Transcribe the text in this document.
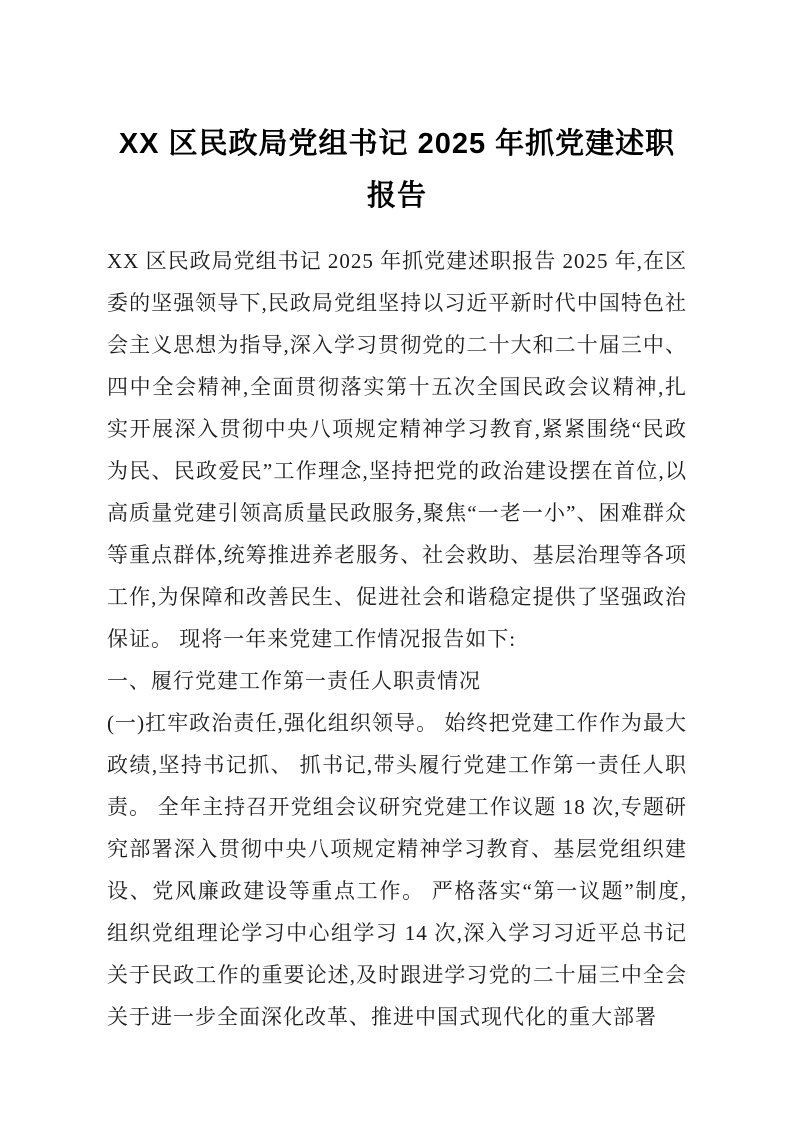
XX 区民政局党组书记 2025 年抓党建述职报告

XX 区民政局党组书记 2025 年抓党建述职报告 2025 年,在区委的坚强领导下,民政局党组坚持以习近平新时代中国特色社会主义思想为指导,深入学习贯彻党的二十大和二十届三中、四中全会精神,全面贯彻落实第十五次全国民政会议精神,扎实开展深入贯彻中央八项规定精神学习教育,紧紧围绕“民政为民、民政爱民”工作理念,坚持把党的政治建设摆在首位,以高质量党建引领高质量民政服务,聚焦“一老一小”、困难群众等重点群体,统筹推进养老服务、社会救助、基层治理等各项工作,为保障和改善民生、促进社会和谐稳定提供了坚强政治保证。 现将一年来党建工作情况报告如下:

一、履行党建工作第一责任人职责情况

(一)扛牢政治责任,强化组织领导。 始终把党建工作作为最大政绩,坚持书记抓、 抓书记,带头履行党建工作第一责任人职责。 全年主持召开党组会议研究党建工作议题 18 次,专题研究部署深入贯彻中央八项规定精神学习教育、基层党组织建设、党风廉政建设等重点工作。 严格落实“第一议题”制度,组织党组理论学习中心组学习 14 次,深入学习习近平总书记关于民政工作的重要论述,及时跟进学习党的二十届三中全会关于进一步全面深化改革、推进中国式现代化的重大部署
